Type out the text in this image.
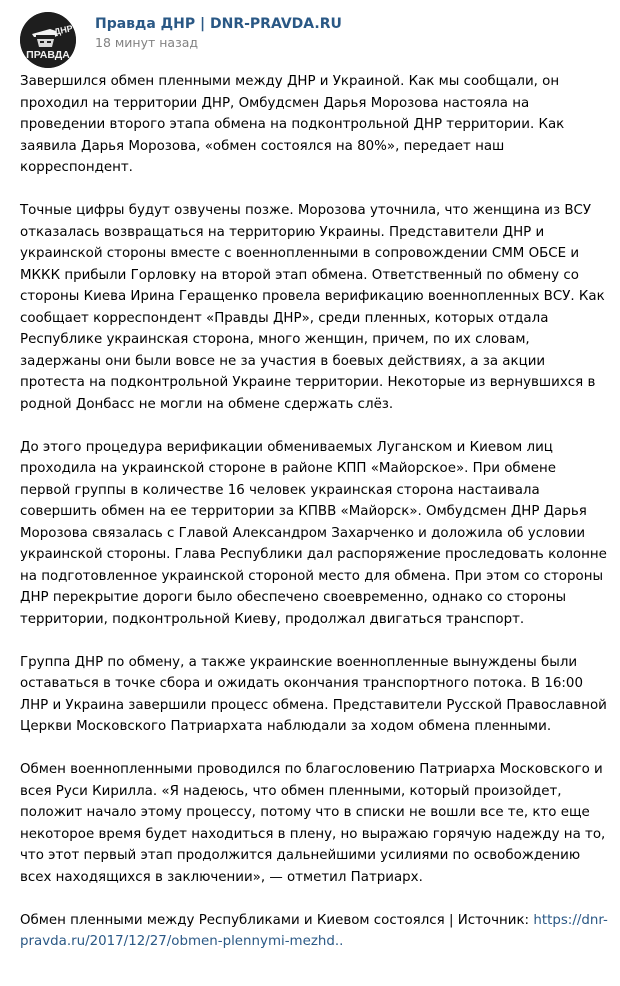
ДНР
ПРАВДА
Правда ДНР | DNR-PRAVDA.RU
18 минут назад

Завершился обмен пленными между ДНР и Украиной. Как мы сообщали, он проходил на территории ДНР, Омбудсмен Дарья Морозова настояла на проведении второго этапа обмена на подконтрольной ДНР территории. Как заявила Дарья Морозова, «обмен состоялся на 80%», передает наш корреспондент.

Точные цифры будут озвучены позже. Морозова уточнила, что женщина из ВСУ отказалась возвращаться на территорию Украины. Представители ДНР и украинской стороны вместе с военнопленными в сопровождении СММ ОБСЕ и МККК прибыли Горловку на второй этап обмена. Ответственный по обмену со стороны Киева Ирина Геращенко провела верификацию военнопленных ВСУ. Как сообщает корреспондент «Правды ДНР», среди пленных, которых отдала Республике украинская сторона, много женщин, причем, по их словам, задержаны они были вовсе не за участия в боевых действиях, а за акции протеста на подконтрольной Украине территории. Некоторые из вернувшихся в родной Донбасс не могли на обмене сдержать слёз.

До этого процедура верификации обмениваемых Луганском и Киевом лиц проходила на украинской стороне в районе КПП «Майорское». При обмене первой группы в количестве 16 человек украинская сторона настаивала совершить обмен на ее территории за КПВВ «Майорск». Омбудсмен ДНР Дарья Морозова связалась с Главой Александром Захарченко и доложила об условии украинской стороны. Глава Республики дал распоряжение проследовать колонне на подготовленное украинской стороной место для обмена. При этом со стороны ДНР перекрытие дороги было обеспечено своевременно, однако со стороны территории, подконтрольной Киеву, продолжал двигаться транспорт.

Группа ДНР по обмену, а также украинские военнопленные вынуждены были оставаться в точке сбора и ожидать окончания транспортного потока. В 16:00 ЛНР и Украина завершили процесс обмена. Представители Русской Православной Церкви Московского Патриархата наблюдали за ходом обмена пленными.

Обмен военнопленными проводился по благословению Патриарха Московского и всея Руси Кирилла. «Я надеюсь, что обмен пленными, который произойдет, положит начало этому процессу, потому что в списки не вошли все те, кто еще некоторое время будет находиться в плену, но выражаю горячую надежду на то, что этот первый этап продолжится дальнейшими усилиями по освобождению всех находящихся в заключении», — отметил Патриарх.

Обмен пленными между Республиками и Киевом состоялся | Источник: https://dnr-pravda.ru/2017/12/27/obmen-plennymi-mezhd..
